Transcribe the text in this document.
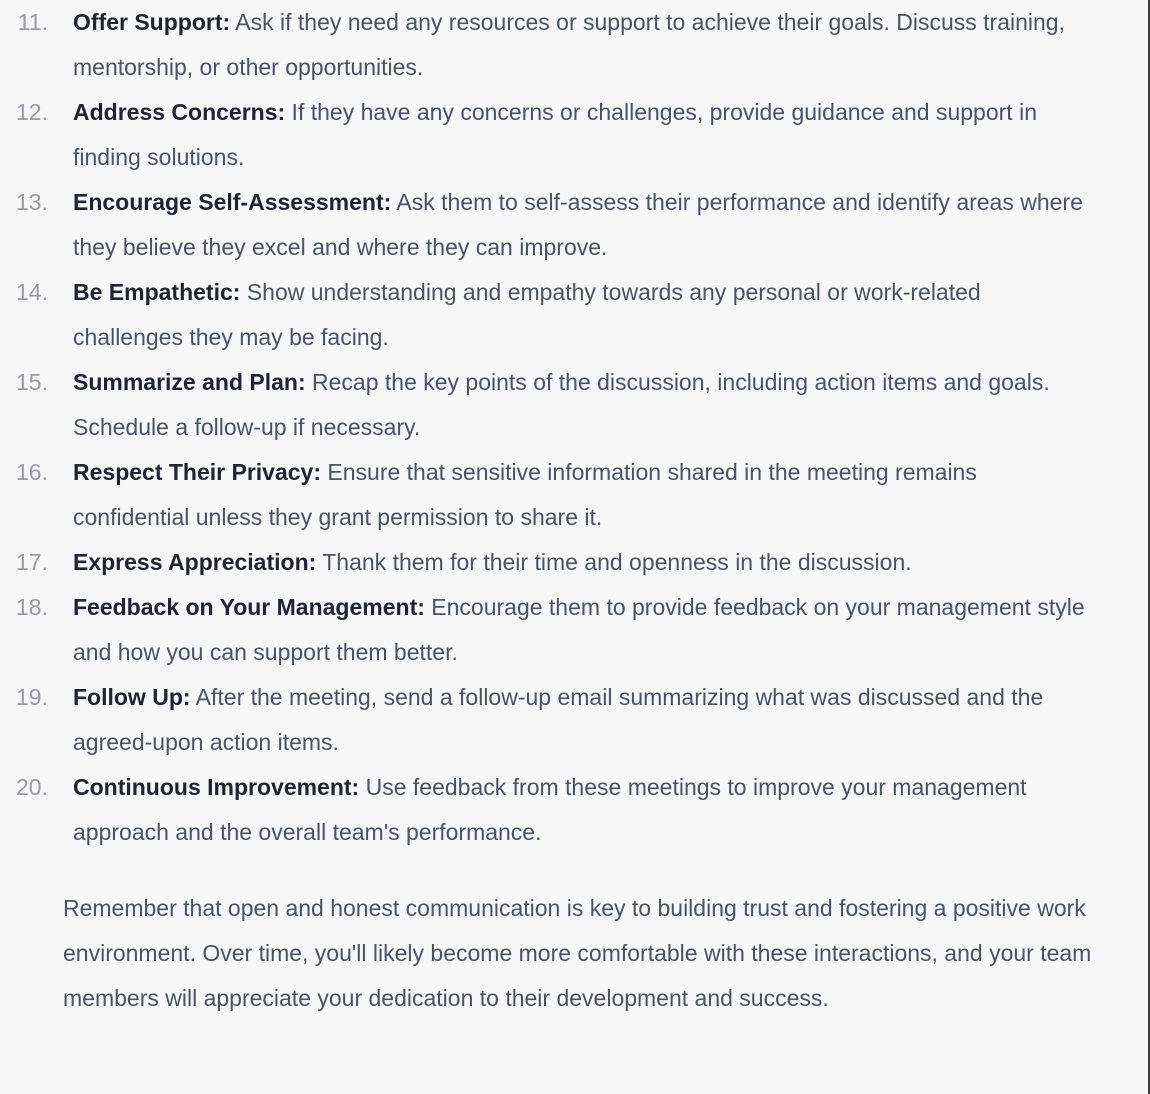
11. Offer Support: Ask if they need any resources or support to achieve their goals. Discuss training, mentorship, or other opportunities.

12. Address Concerns: If they have any concerns or challenges, provide guidance and support in finding solutions.

13. Encourage Self-Assessment: Ask them to self-assess their performance and identify areas where they believe they excel and where they can improve.

14. Be Empathetic: Show understanding and empathy towards any personal or work-related challenges they may be facing.

15. Summarize and Plan: Recap the key points of the discussion, including action items and goals. Schedule a follow-up if necessary.

16. Respect Their Privacy: Ensure that sensitive information shared in the meeting remains confidential unless they grant permission to share it.

17. Express Appreciation: Thank them for their time and openness in the discussion.

18. Feedback on Your Management: Encourage them to provide feedback on your management style and how you can support them better.

19. Follow Up: After the meeting, send a follow-up email summarizing what was discussed and the agreed-upon action items.

20. Continuous Improvement: Use feedback from these meetings to improve your management approach and the overall team's performance.

Remember that open and honest communication is key to building trust and fostering a positive work environment. Over time, you'll likely become more comfortable with these interactions, and your team members will appreciate your dedication to their development and success.
